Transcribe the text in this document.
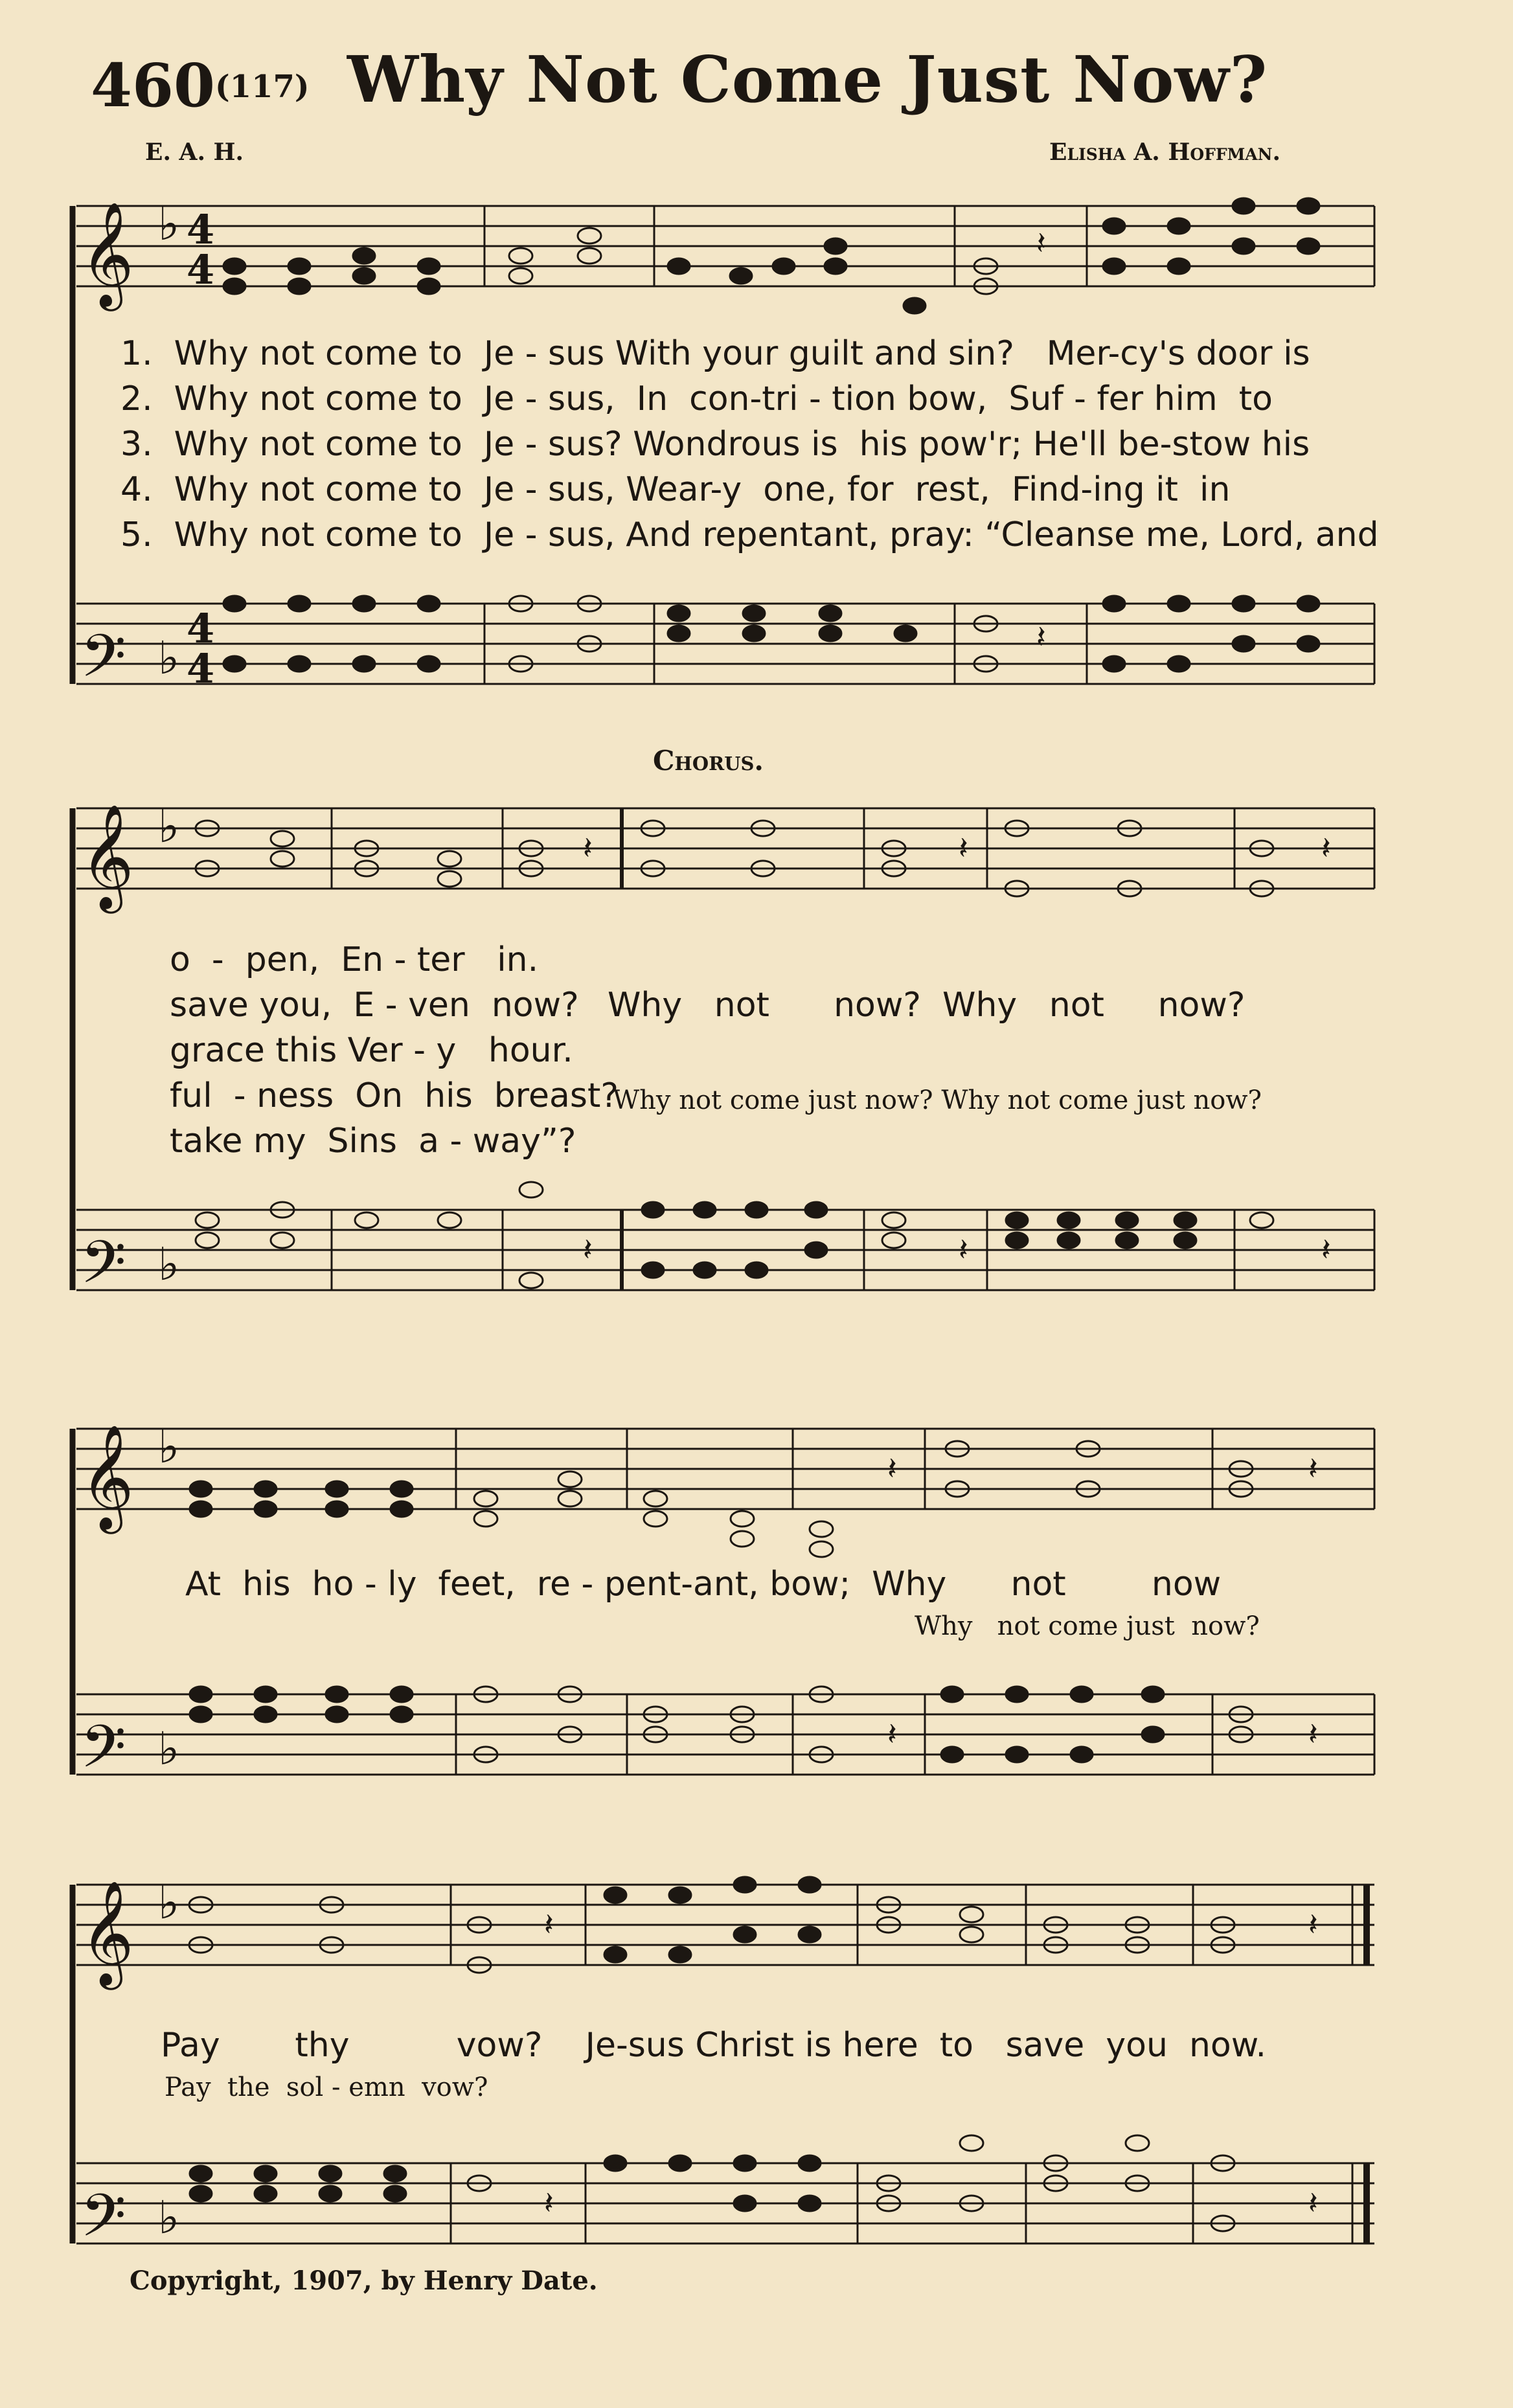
460 (117) Why Not Come Just Now?
E. A. H.	Elisha A. Hoffman.
𝄞
𝄢
𝄞
𝄢
𝄞
𝄢
𝄞
𝄢
♭
♭
♭
♭
♭
♭
♭
♭
4
4
4
4
𝄽
𝄽
𝄽	𝄽	𝄽
𝄽	𝄽	𝄽
𝄽	𝄽
𝄽	𝄽
𝄽	𝄽
𝄽	𝄽
1.  Why not come to  Je - sus With your guilt and sin?   Mer-cy's door is
2.  Why not come to  Je - sus,  In  con-tri - tion bow,  Suf - fer him  to
3.  Why not come to  Je - sus? Wondrous is  his pow'r; He'll be-stow his
4.  Why not come to  Je - sus, Wear-y  one, for  rest,  Find-ing it  in
5.  Why not come to  Je - sus, And repentant, pray: “Cleanse me, Lord, and
Chorus.
o  -  pen,  En - ter   in.
save you,  E - ven  now?
grace this Ver - y   hour.
ful  - ness  On  his  breast?
take my  Sins  a - way”?
Why   not      now?  Why   not     now?
Why not come just now? Why not come just now?
At  his  ho - ly  feet,  re - pent-ant, bow;  Why      not        now
Why   not come just  now?
Pay       thy          vow?    Je-sus Christ is here  to   save  you  now.
Pay  the  sol - emn  vow?
Copyright, 1907, by Henry Date.
